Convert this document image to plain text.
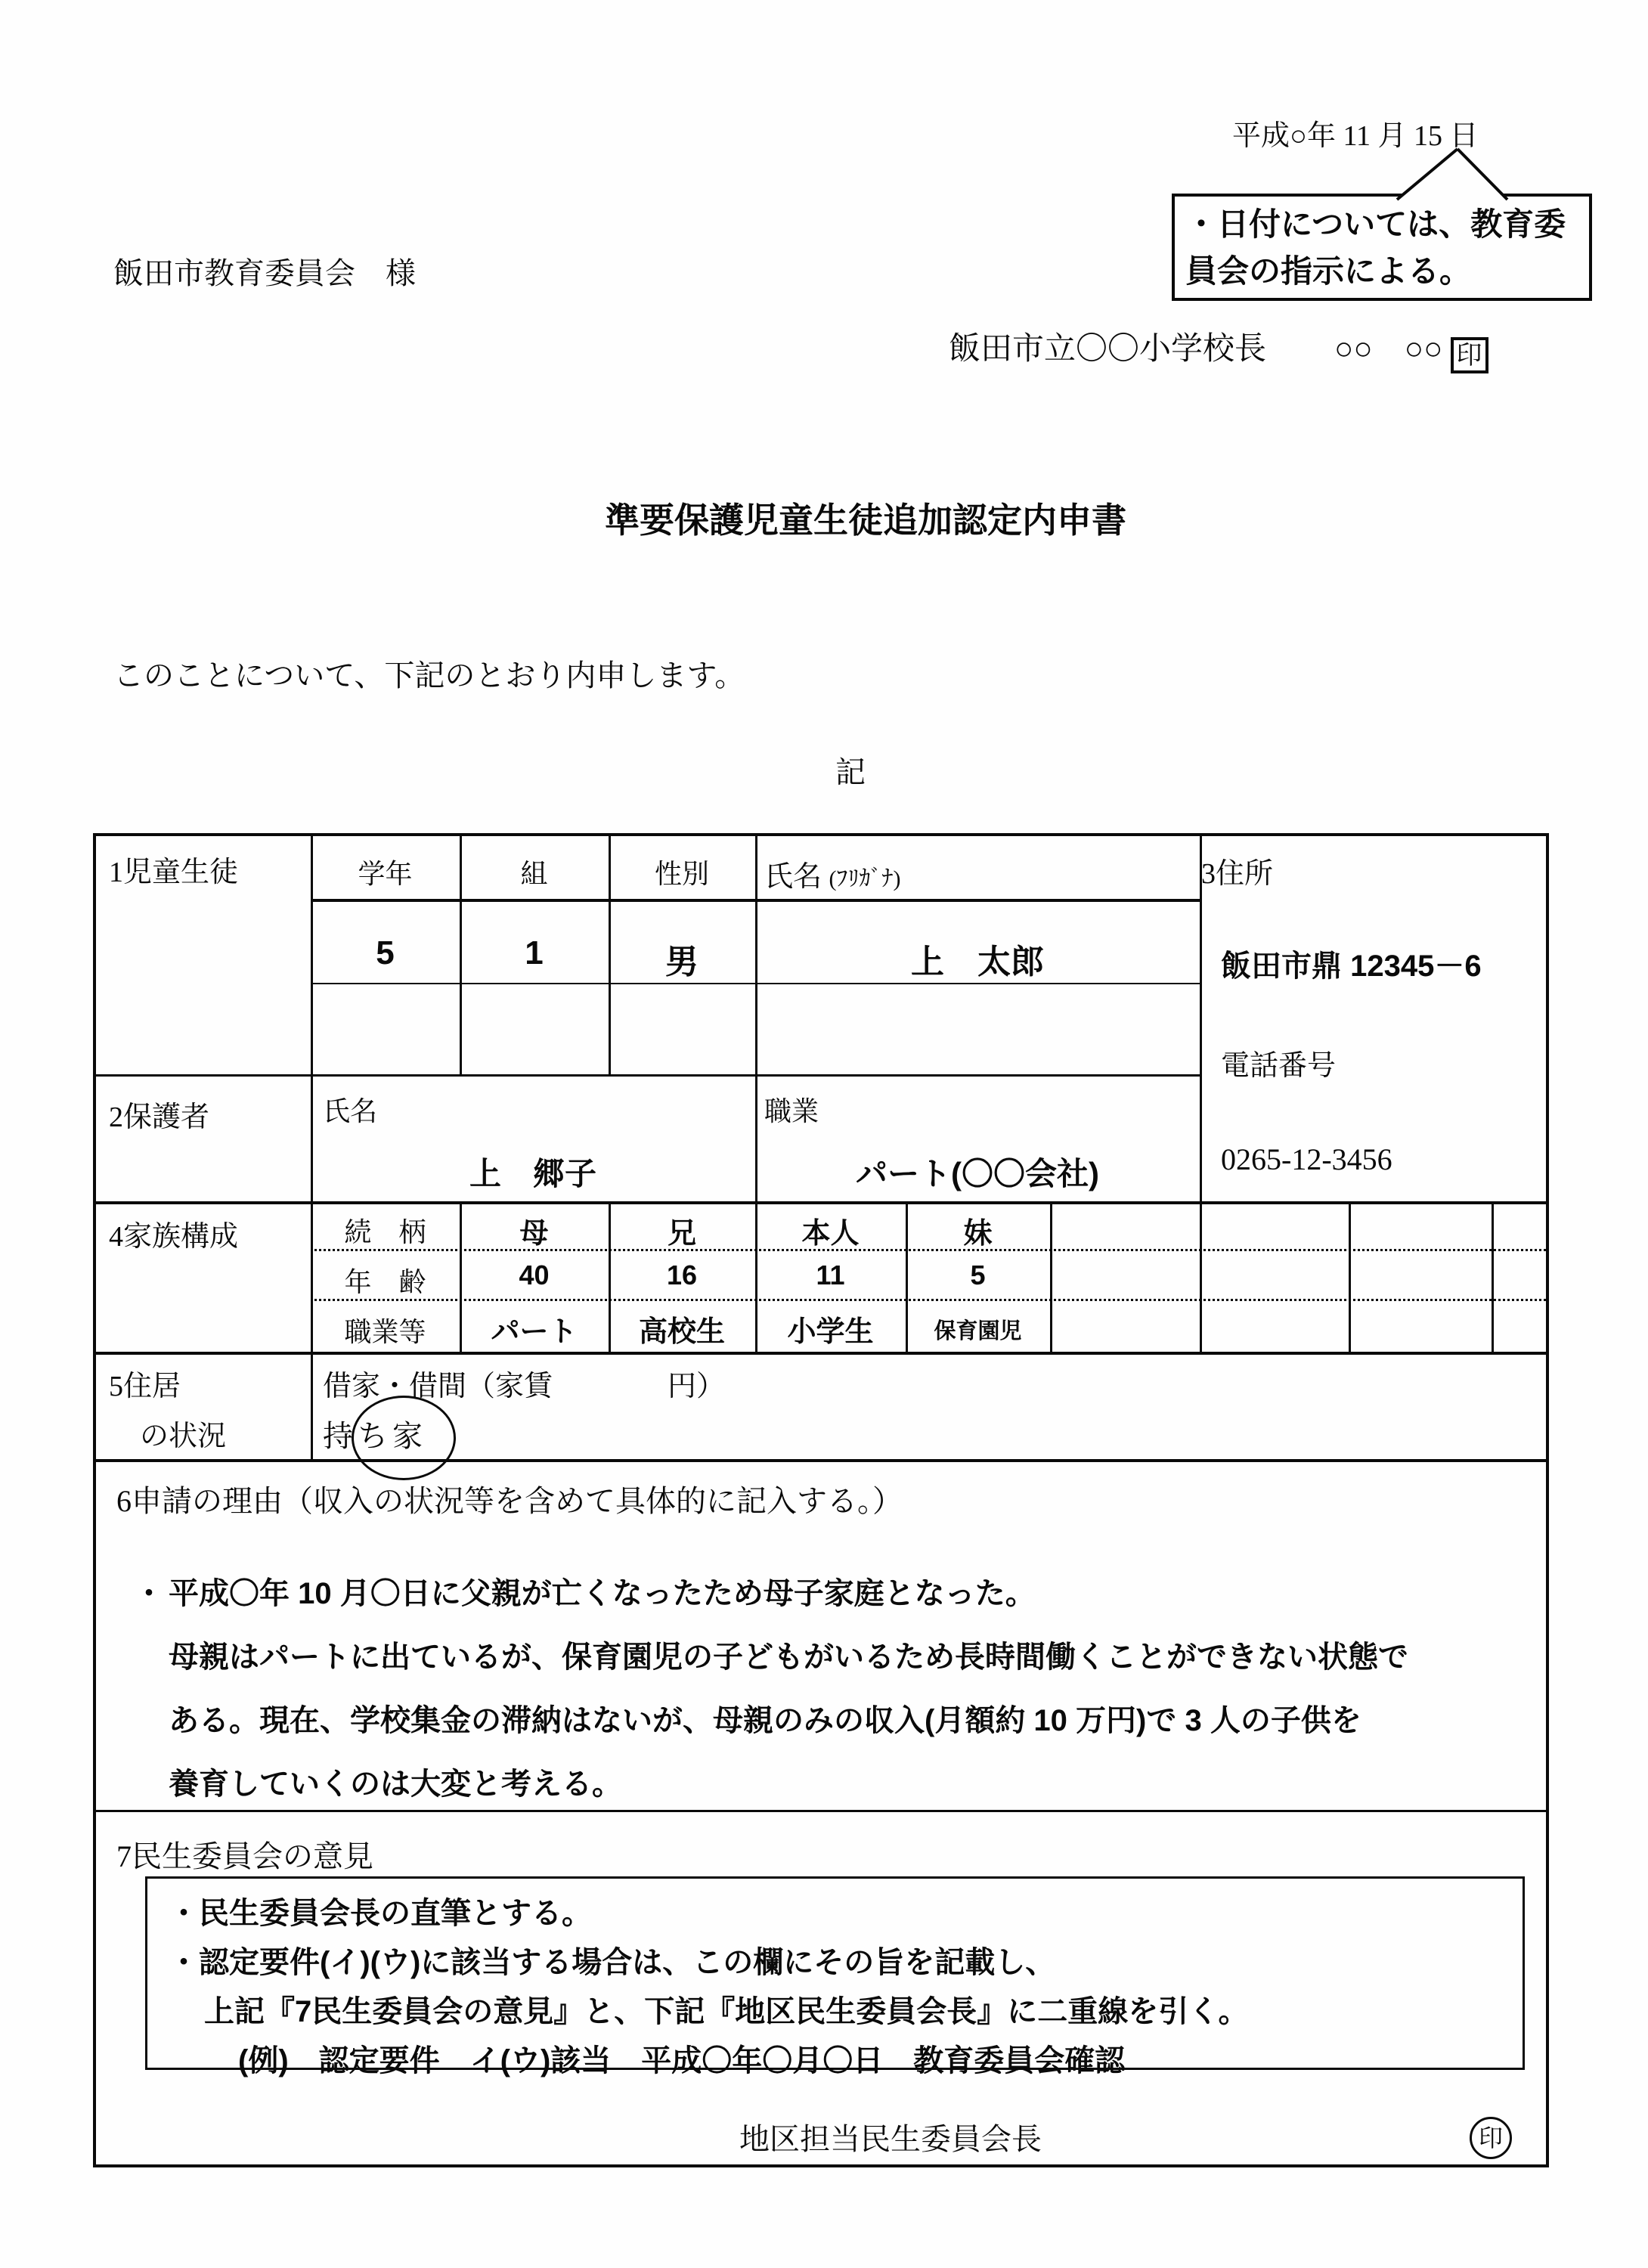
平成○年 11 月 15 日
飯田市教育委員会　様
・日付については、教育委
員会の指示による。
飯田市立〇〇小学校長 ○○　○○ 印
準要保護児童生徒追加認定内申書
このことについて、下記のとおり内申します。
記
1児童生徒	学年	組	性別	氏名 (ﾌﾘｶﾞﾅ)
5	1	男	上　太郎
3住所
飯田市鼎 12345－6
電話番号
0265-12-3456
2保護者	氏名
上　郷子
職業
パート(〇〇会社)
4家族構成	続　柄	母	兄	本人	妹
年　齢	40	16	11	5
職業等	パート	高校生	小学生	保育園児
5住居
の状況
借家・借間（家賃　　　　円）
持ち家
6申請の理由（収入の状況等を含めて具体的に記入する。）
・ 平成〇年 10 月〇日に父親が亡くなったため母子家庭となった。
母親はパートに出ているが、保育園児の子どもがいるため長時間働くことができない状態で
ある。現在、学校集金の滞納はないが、母親のみの収入(月額約 10 万円)で 3 人の子供を
養育していくのは大変と考える。
7民生委員会の意見
・民生委員会長の直筆とする。
・認定要件(イ)(ウ)に該当する場合は、この欄にその旨を記載し、
上記『7民生委員会の意見』と、下記『地区民生委員会長』に二重線を引く。
(例)　認定要件　イ(ウ)該当　平成〇年〇月〇日　教育委員会確認
地区担当民生委員会長	印
